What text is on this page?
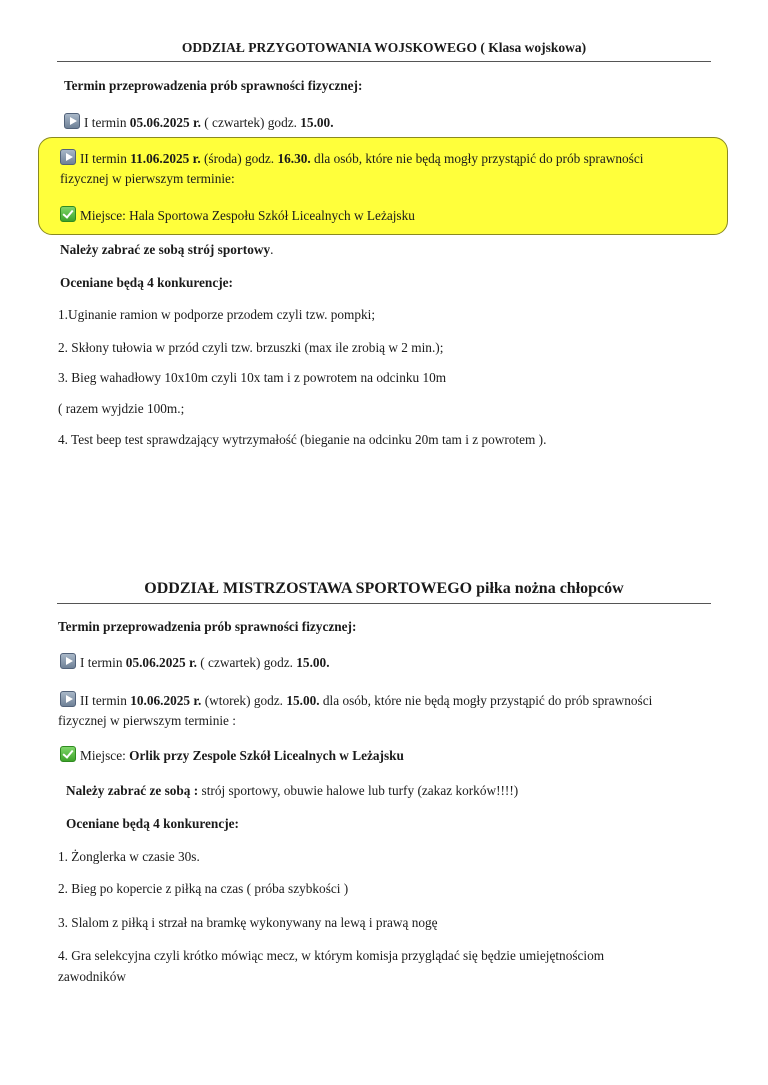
ODDZIAŁ PRZYGOTOWANIA WOJSKOWEGO ( Klasa wojskowa)
Termin przeprowadzenia prób sprawności fizycznej:
I termin 05.06.2025 r. ( czwartek) godz. 15.00.
II termin 11.06.2025 r. (środa) godz. 16.30. dla osób, które nie będą mogły przystąpić do prób sprawności
fizycznej w pierwszym terminie:
Miejsce: Hala Sportowa Zespołu Szkół Licealnych w Leżajsku
Należy zabrać ze sobą strój sportowy.
Oceniane będą 4 konkurencje:
1.Uginanie ramion w podporze przodem czyli tzw. pompki;
2. Skłony tułowia w przód czyli tzw. brzuszki (max ile zrobią w 2 min.);
3. Bieg wahadłowy 10x10m czyli 10x tam i z powrotem na odcinku 10m
( razem wyjdzie 100m.;
4. Test beep test sprawdzający wytrzymałość (bieganie na odcinku 20m tam i z powrotem ).
ODDZIAŁ MISTRZOSTAWA SPORTOWEGO piłka nożna chłopców
Termin przeprowadzenia prób sprawności fizycznej:
I termin 05.06.2025 r. ( czwartek) godz. 15.00.
II termin 10.06.2025 r. (wtorek) godz. 15.00. dla osób, które nie będą mogły przystąpić do prób sprawności
fizycznej w pierwszym terminie :
Miejsce: Orlik przy Zespole Szkół Licealnych w Leżajsku
Należy zabrać ze sobą : strój sportowy, obuwie halowe lub turfy (zakaz korków!!!!)
Oceniane będą 4 konkurencje:
1. Żonglerka w czasie 30s.
2. Bieg po kopercie z piłką na czas ( próba szybkości )
3. Slalom z piłką i strzał na bramkę wykonywany na lewą i prawą nogę
4. Gra selekcyjna czyli krótko mówiąc mecz, w którym komisja przyglądać się będzie umiejętnościom
zawodników
